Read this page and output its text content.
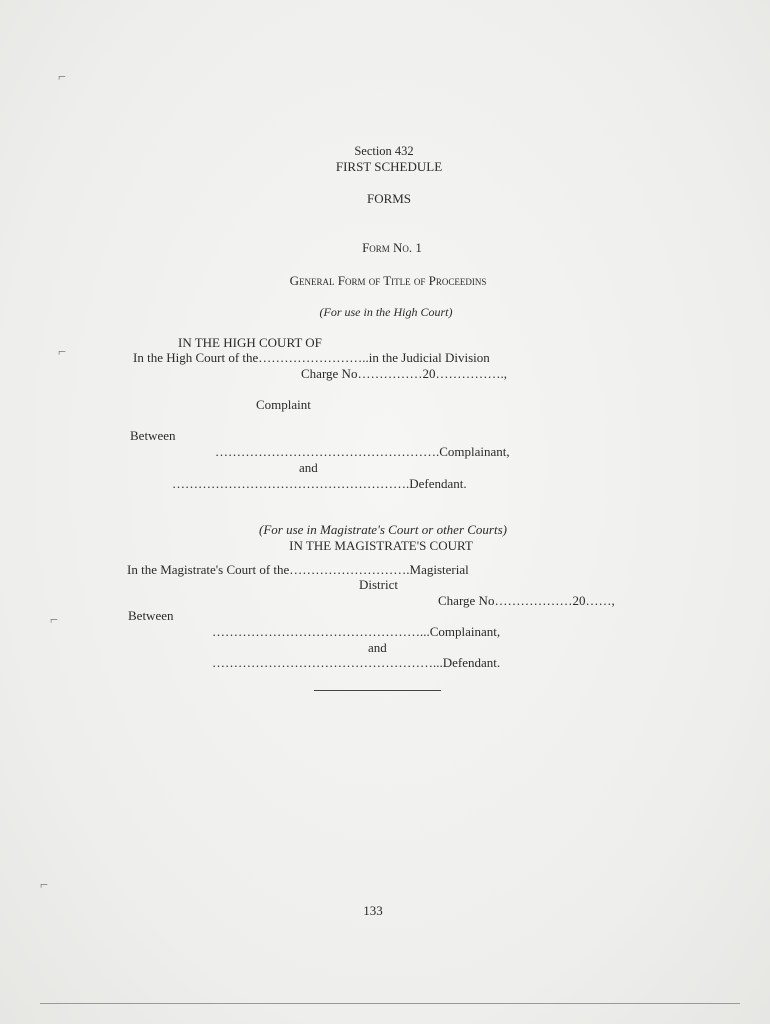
Section 432
FIRST SCHEDULE
FORMS
Form No. 1
General Form of Title of Proceedins
(For use in the High Court)
IN THE HIGH COURT OF
In the High Court of the……………………..in the Judicial Division
Charge No……………20…………….,
Complaint
Between
…………………………………………….Complainant,
and
……………………………………………….Defendant.
(For use in Magistrate's Court or other Courts)
IN THE MAGISTRATE'S COURT
In the Magistrate's Court of the……………………….Magisterial
District
Charge No………………20……,
Between
…………………………………………...Complainant,
and
……………………………………………...Defendant.
133
⌐
⌐
⌐
⌐
